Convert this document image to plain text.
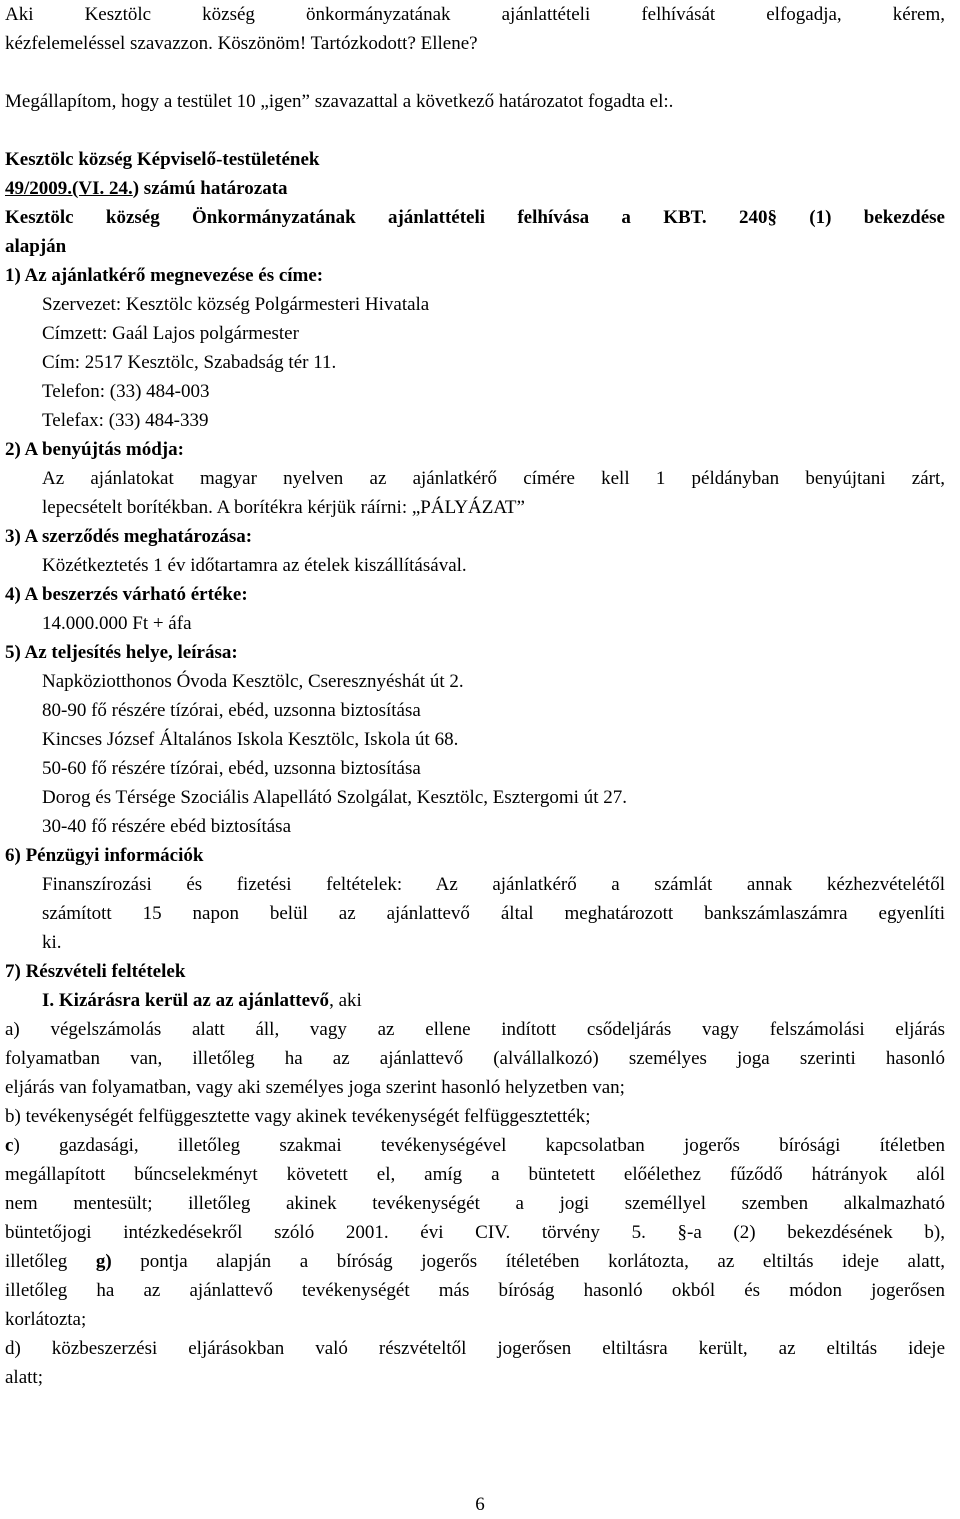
Aki Kesztölc község önkormányzatának ajánlattételi felhívását elfogadja, kérem,
kézfelemeléssel szavazzon. Köszönöm! Tartózkodott? Ellene?
Megállapítom, hogy a testület 10 „igen” szavazattal a következő határozatot fogadta el:.
Kesztölc község Képviselő-testületének
49/2009.(VI. 24.) számú határozata
Kesztölc község Önkormányzatának ajánlattételi felhívása a KBT. 240§ (1) bekezdése
alapján
1) Az ajánlatkérő megnevezése és címe:
Szervezet: Kesztölc község Polgármesteri Hivatala
Címzett: Gaál Lajos polgármester
Cím: 2517 Kesztölc, Szabadság tér 11.
Telefon: (33) 484-003
Telefax: (33) 484-339
2) A benyújtás módja:
Az ajánlatokat magyar nyelven az ajánlatkérő címére kell 1 példányban benyújtani zárt,
lepecsételt borítékban. A borítékra kérjük ráírni: „PÁLYÁZAT”
3) A szerződés meghatározása:
Közétkeztetés 1 év időtartamra az ételek kiszállításával.
4) A beszerzés várható értéke:
14.000.000 Ft + áfa
5) Az teljesítés helye, leírása:
Napköziotthonos Óvoda Kesztölc, Cseresznyéshát út 2.
80-90 fő részére tízórai, ebéd, uzsonna biztosítása
Kincses József Általános Iskola Kesztölc, Iskola út 68.
50-60 fő részére tízórai, ebéd, uzsonna biztosítása
Dorog és Térsége Szociális Alapellátó Szolgálat, Kesztölc, Esztergomi út 27.
30-40 fő részére ebéd biztosítása
6) Pénzügyi információk
Finanszírozási és fizetési feltételek: Az ajánlatkérő a számlát annak kézhezvételétől
számított 15 napon belül az ajánlattevő által meghatározott bankszámlaszámra egyenlíti
ki.
7) Részvételi feltételek
I. Kizárásra kerül az az ajánlattevő, aki
a) végelszámolás alatt áll, vagy az ellene indított csődeljárás vagy felszámolási eljárás
folyamatban van, illetőleg ha az ajánlattevő (alvállalkozó) személyes joga szerinti hasonló
eljárás van folyamatban, vagy aki személyes joga szerint hasonló helyzetben van;
b) tevékenységét felfüggesztette vagy akinek tevékenységét felfüggesztették;
c) gazdasági, illetőleg szakmai tevékenységével kapcsolatban jogerős bírósági ítéletben
megállapított bűncselekményt követett el, amíg a büntetett előélethez fűződő hátrányok alól
nem mentesült; illetőleg akinek tevékenységét a jogi személlyel szemben alkalmazható
büntetőjogi intézkedésekről szóló 2001. évi CIV. törvény 5. §-a (2) bekezdésének b),
illetőleg g) pontja alapján a bíróság jogerős ítéletében korlátozta, az eltiltás ideje alatt,
illetőleg ha az ajánlattevő tevékenységét más bíróság hasonló okból és módon jogerősen
korlátozta;
d) közbeszerzési eljárásokban való részvételtől jogerősen eltiltásra került, az eltiltás ideje
alatt;
6
